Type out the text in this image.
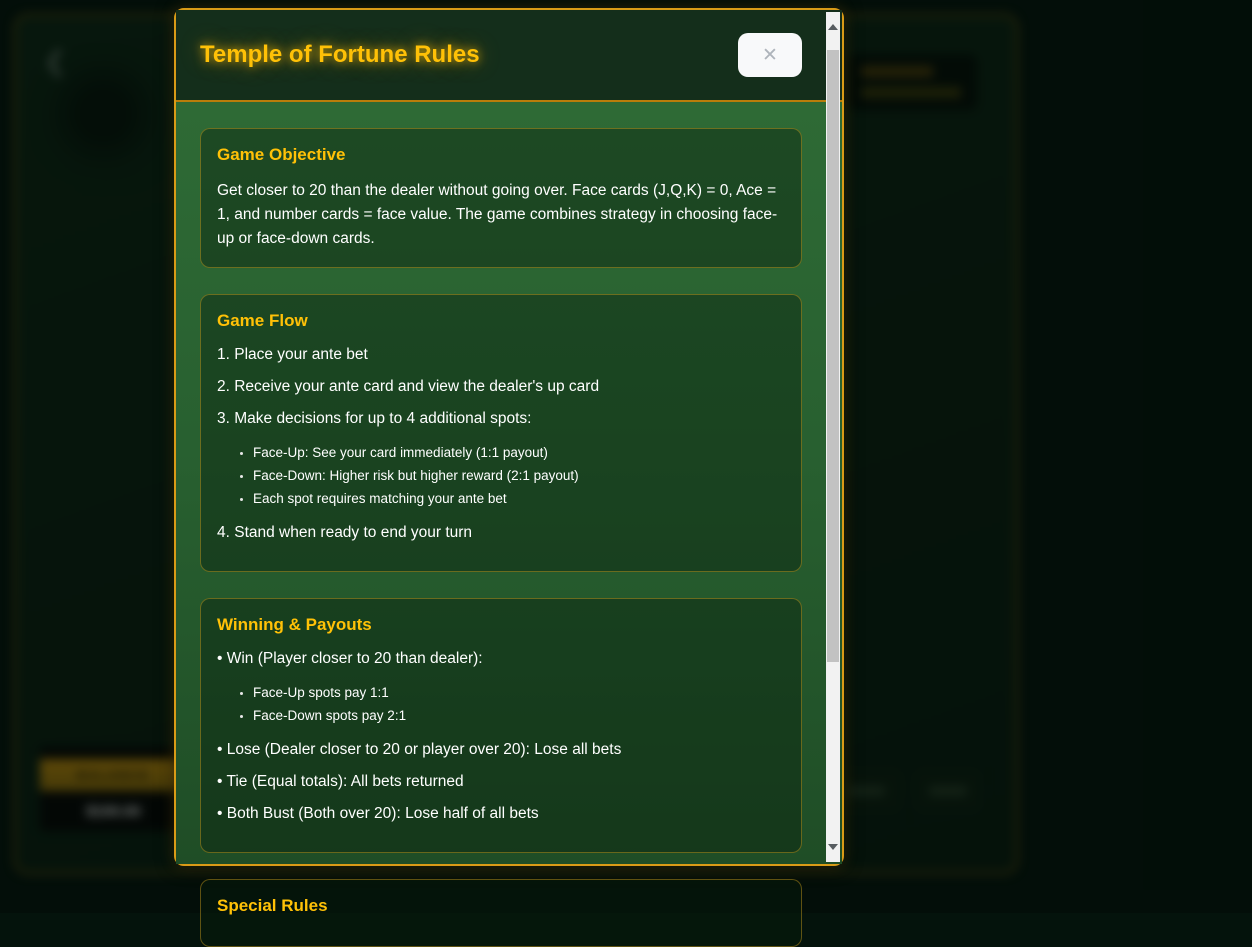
Temple of Fortune Rules	✕
Game Objective

Get closer to 20 than the dealer without going over. Face cards (J,Q,K) = 0, Ace = 1, and number cards = face value. The game combines strategy in choosing face-up or face-down cards.

Game Flow
1. Place your ante bet
2. Receive your ante card and view the dealer's up card
3. Make decisions for up to 4 additional spots:
• Face-Up: See your card immediately (1:1 payout)
• Face-Down: Higher risk but higher reward (2:1 payout)
• Each spot requires matching your ante bet
4. Stand when ready to end your turn
Winning & Payouts
• Win (Player closer to 20 than dealer):
• Face-Up spots pay 1:1
• Face-Down spots pay 2:1
• Lose (Dealer closer to 20 or player over 20): Lose all bets
• Tie (Equal totals): All bets returned
• Both Bust (Both over 20): Lose half of all bets
Special Rules
